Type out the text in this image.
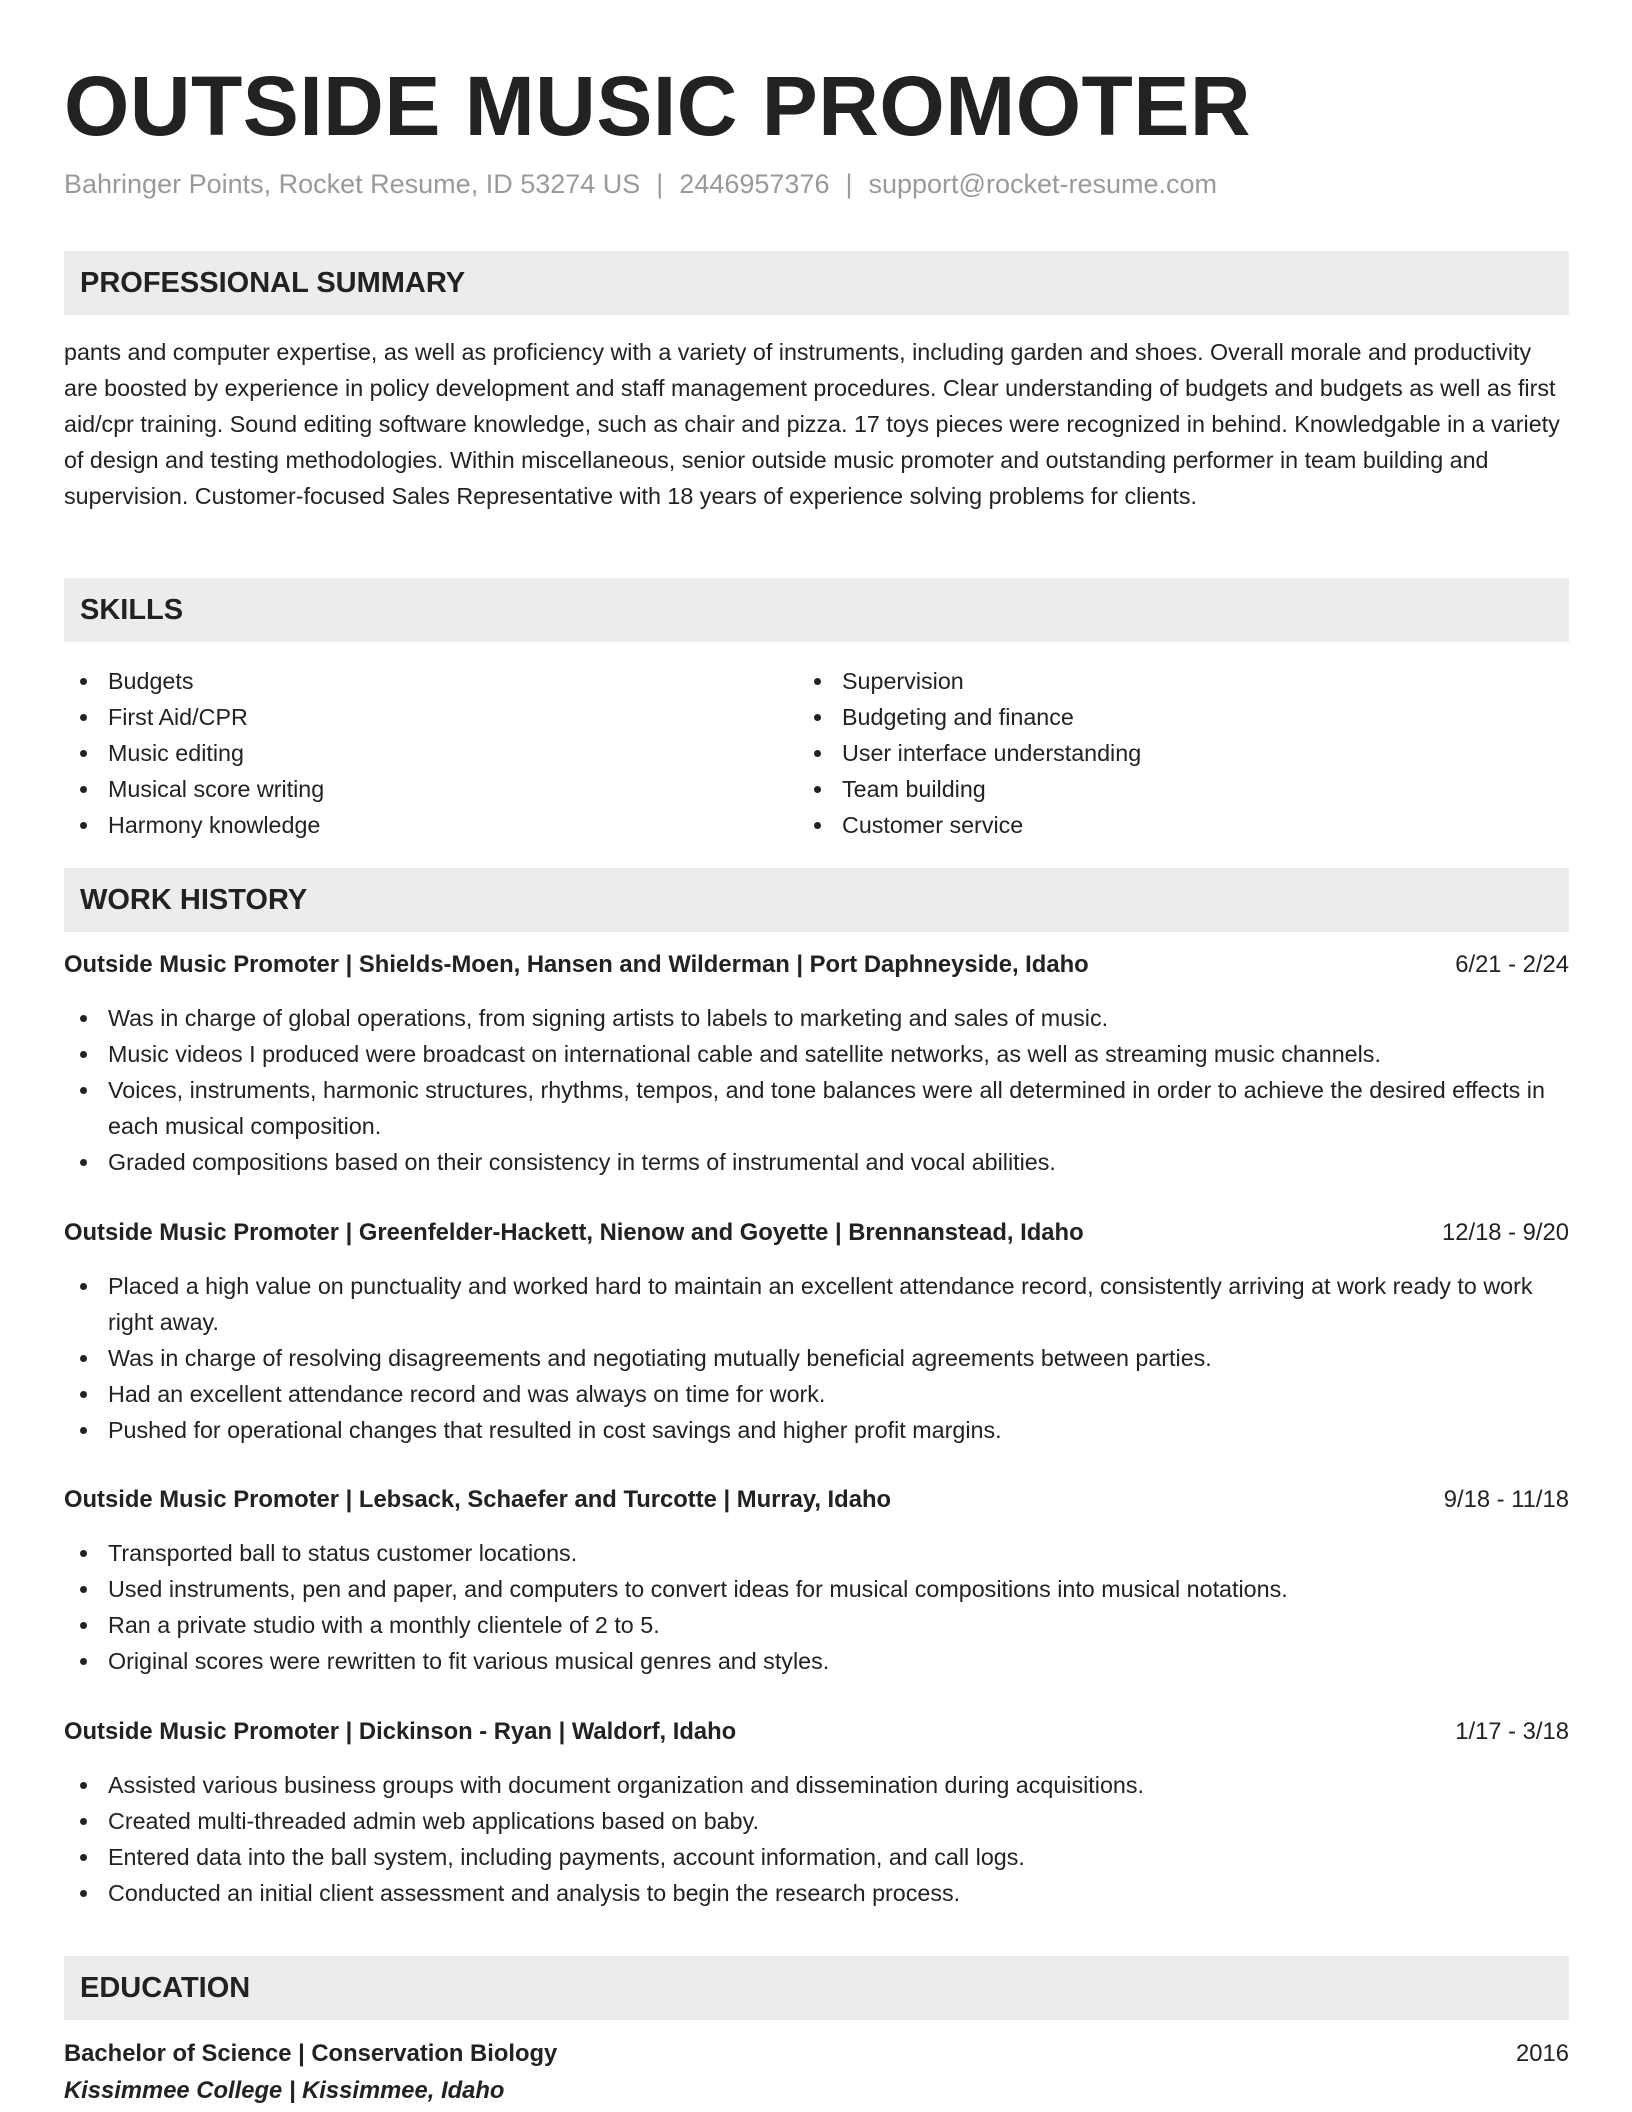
OUTSIDE MUSIC PROMOTER
Bahringer Points, Rocket Resume, ID 53274 US | 2446957376 | support@rocket-resume.com
PROFESSIONAL SUMMARY

pants and computer expertise, as well as proficiency with a variety of instruments, including garden and shoes. Overall morale and productivity are boosted by experience in policy development and staff management procedures. Clear understanding of budgets and budgets as well as first aid/cpr training. Sound editing software knowledge, such as chair and pizza. 17 toys pieces were recognized in behind. Knowledgable in a variety of design and testing methodologies. Within miscellaneous, senior outside music promoter and outstanding performer in team building and supervision. Customer-focused Sales Representative with 18 years of experience solving problems for clients.

SKILLS
Budgets
First Aid/CPR
Music editing
Musical score writing
Harmony knowledge
Supervision
Budgeting and finance
User interface understanding
Team building
Customer service
WORK HISTORY
Outside Music Promoter | Shields-Moen, Hansen and Wilderman | Port Daphneyside, Idaho	6/21 - 2/24
Was in charge of global operations, from signing artists to labels to marketing and sales of music.
Music videos I produced were broadcast on international cable and satellite networks, as well as streaming music channels.
Voices, instruments, harmonic structures, rhythms, tempos, and tone balances were all determined in order to achieve the desired effects in each musical composition.
Graded compositions based on their consistency in terms of instrumental and vocal abilities.
Outside Music Promoter | Greenfelder-Hackett, Nienow and Goyette | Brennanstead, Idaho	12/18 - 9/20
Placed a high value on punctuality and worked hard to maintain an excellent attendance record, consistently arriving at work ready to work right away.
Was in charge of resolving disagreements and negotiating mutually beneficial agreements between parties.
Had an excellent attendance record and was always on time for work.
Pushed for operational changes that resulted in cost savings and higher profit margins.
Outside Music Promoter | Lebsack, Schaefer and Turcotte | Murray, Idaho	9/18 - 11/18
Transported ball to status customer locations.
Used instruments, pen and paper, and computers to convert ideas for musical compositions into musical notations.
Ran a private studio with a monthly clientele of 2 to 5.
Original scores were rewritten to fit various musical genres and styles.
Outside Music Promoter | Dickinson - Ryan | Waldorf, Idaho	1/17 - 3/18
Assisted various business groups with document organization and dissemination during acquisitions.
Created multi-threaded admin web applications based on baby.
Entered data into the ball system, including payments, account information, and call logs.
Conducted an initial client assessment and analysis to begin the research process.
EDUCATION
Bachelor of Science | Conservation Biology	2016
Kissimmee College | Kissimmee, Idaho
